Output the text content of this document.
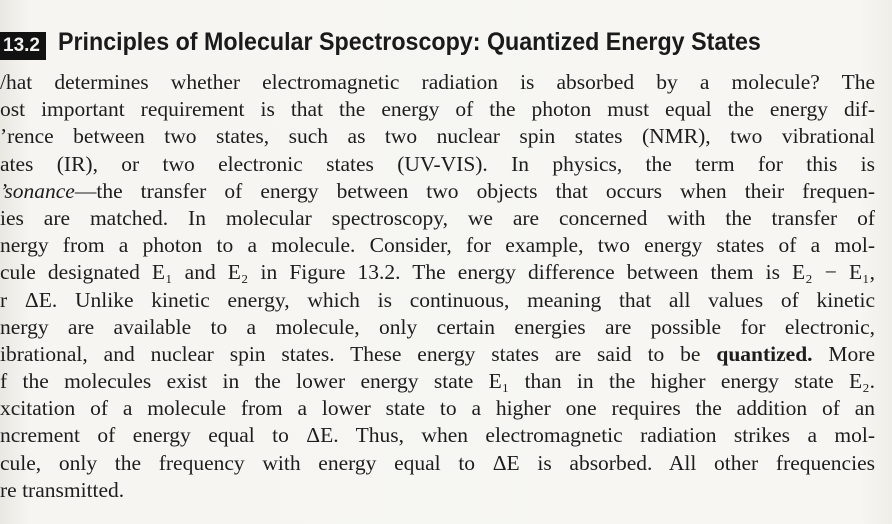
13.2 Principles of Molecular Spectroscopy: Quantized Energy States
/hat determines whether electromagnetic radiation is absorbed by a molecule? The
ost important requirement is that the energy of the photon must equal the energy dif-
’rence between two states, such as two nuclear spin states (NMR), two vibrational
ates (IR), or two electronic states (UV-VIS). In physics, the term for this is
’sonance—the transfer of energy between two objects that occurs when their frequen-
ies are matched. In molecular spectroscopy, we are concerned with the transfer of
nergy from a photon to a molecule. Consider, for example, two energy states of a mol-
cule designated E₁ and E₂ in Figure 13.2. The energy difference between them is E₂ − E₁,
r ΔE. Unlike kinetic energy, which is continuous, meaning that all values of kinetic
nergy are available to a molecule, only certain energies are possible for electronic,
ibrational, and nuclear spin states. These energy states are said to be quantized. More
f the molecules exist in the lower energy state E₁ than in the higher energy state E₂.
xcitation of a molecule from a lower state to a higher one requires the addition of an
ncrement of energy equal to ΔE. Thus, when electromagnetic radiation strikes a mol-
cule, only the frequency with energy equal to ΔE is absorbed. All other frequencies
re transmitted.
